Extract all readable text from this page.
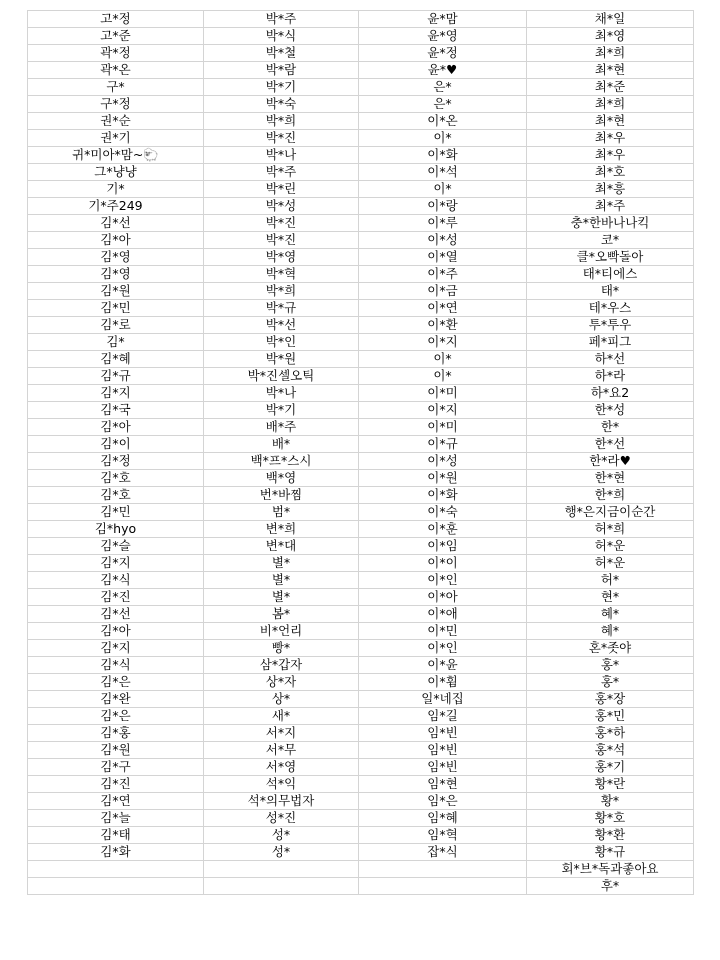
고*정	박*주	윤*맘	채*일
고*준	박*식	윤*영	최*영
곽*정	박*철	윤*정	최*희
곽*온	박*람	윤*♥	최*현
구*	박*기	은*	최*준
구*정	박*숙	은*	최*희
권*순	박*희	이*온	최*현
권*기	박*진	이*	최*우
귀*미아*맘~🐑	박*나	이*화	최*우
그*냥냥	박*주	이*석	최*호
기*	박*린	이*	최*흥
기*주249	박*성	이*랑	최*주
김*선	박*진	이*루	충*한바나나킥
김*아	박*진	이*성	코*
김*영	박*영	이*열	클*오빡돌아
김*영	박*혁	이*주	태*티에스
김*원	박*희	이*금	태*
김*민	박*규	이*연	테*우스
김*로	박*선	이*환	투*투우
김*	박*인	이*지	페*피그
김*혜	박*원	이*	하*선
김*규	박*진셀오틱	이*	하*라
김*지	박*나	이*미	하*요2
김*국	박*기	이*지	한*성
김*아	배*주	이*미	한*
김*이	배*	이*규	한*선
김*정	백*프*스시	이*성	한*라♥
김*호	백*영	이*원	한*현
김*호	번*바찜	이*화	한*희
김*민	범*	이*숙	행*은지금이순간
김*hyo	변*희	이*훈	허*희
김*슬	변*대	이*임	허*운
김*지	별*	이*이	허*운
김*식	별*	이*인	허*
김*진	별*	이*아	현*
김*선	봄*	이*애	혜*
김*아	비*언리	이*민	혜*
김*지	빵*	이*인	혼*좃야
김*식	삼*갑자	이*윤	홍*
김*은	상*자	이*휨	홍*
김*완	상*	일*네집	홍*장
김*은	새*	임*길	홍*민
김*홍	서*지	임*빈	홍*하
김*원	서*무	임*빈	홍*석
김*구	서*영	임*빈	홍*기
김*진	석*익	임*현	황*란
김*연	석*의무법자	임*은	황*
김*늘	성*진	임*혜	황*호
김*태	성*	임*혁	황*환
김*화	성*	잡*식	황*규
			회*브*독과좋아요
			후*
